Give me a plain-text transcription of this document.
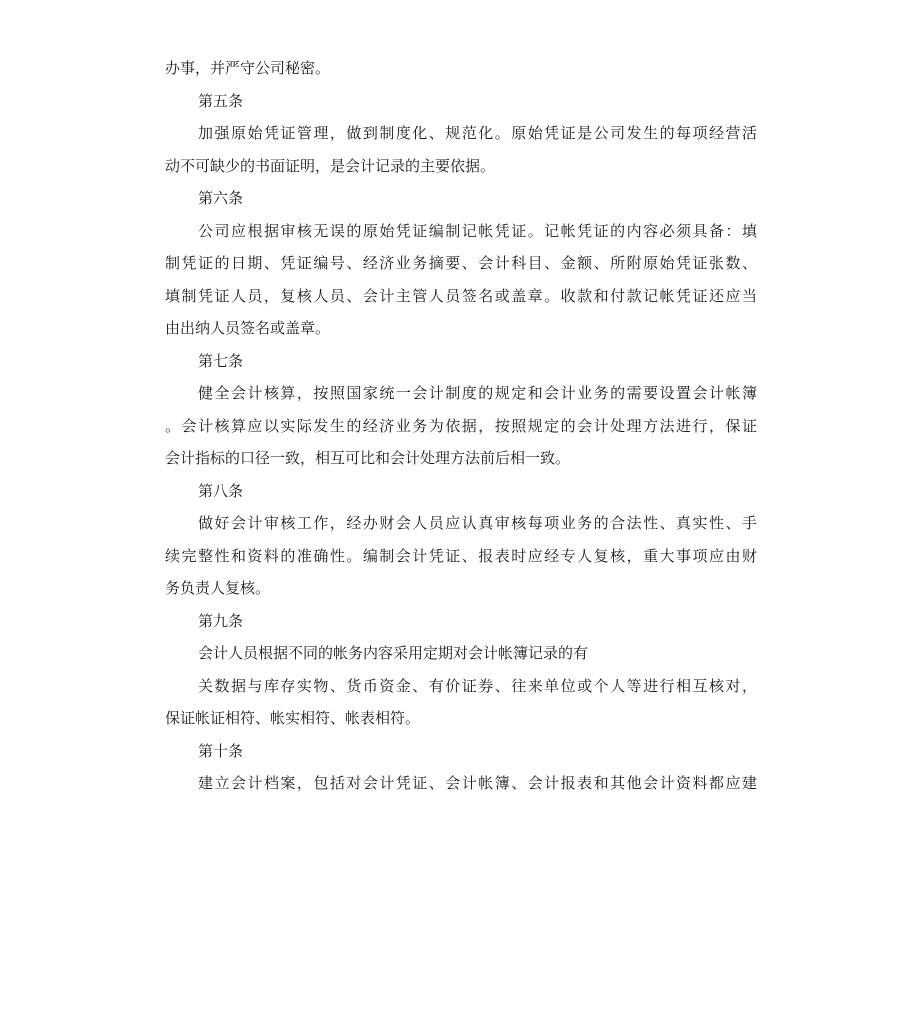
办事，并严守公司秘密。
第五条
加强原始凭证管理，做到制度化、规范化。原始凭证是公司发生的每项经营活
动不可缺少的书面证明，是会计记录的主要依据。
第六条
公司应根据审核无误的原始凭证编制记帐凭证。记帐凭证的内容必须具备：填
制凭证的日期、凭证编号、经济业务摘要、会计科目、金额、所附原始凭证张数、
填制凭证人员，复核人员、会计主管人员签名或盖章。收款和付款记帐凭证还应当
由出纳人员签名或盖章。
第七条
健全会计核算，按照国家统一会计制度的规定和会计业务的需要设置会计帐簿
。会计核算应以实际发生的经济业务为依据，按照规定的会计处理方法进行，保证
会计指标的口径一致，相互可比和会计处理方法前后相一致。
第八条
做好会计审核工作，经办财会人员应认真审核每项业务的合法性、真实性、手
续完整性和资料的准确性。编制会计凭证、报表时应经专人复核，重大事项应由财
务负责人复核。
第九条
会计人员根据不同的帐务内容采用定期对会计帐簿记录的有
关数据与库存实物、货币资金、有价证券、往来单位或个人等进行相互核对，
保证帐证相符、帐实相符、帐表相符。
第十条
建立会计档案，包括对会计凭证、会计帐簿、会计报表和其他会计资料都应建
